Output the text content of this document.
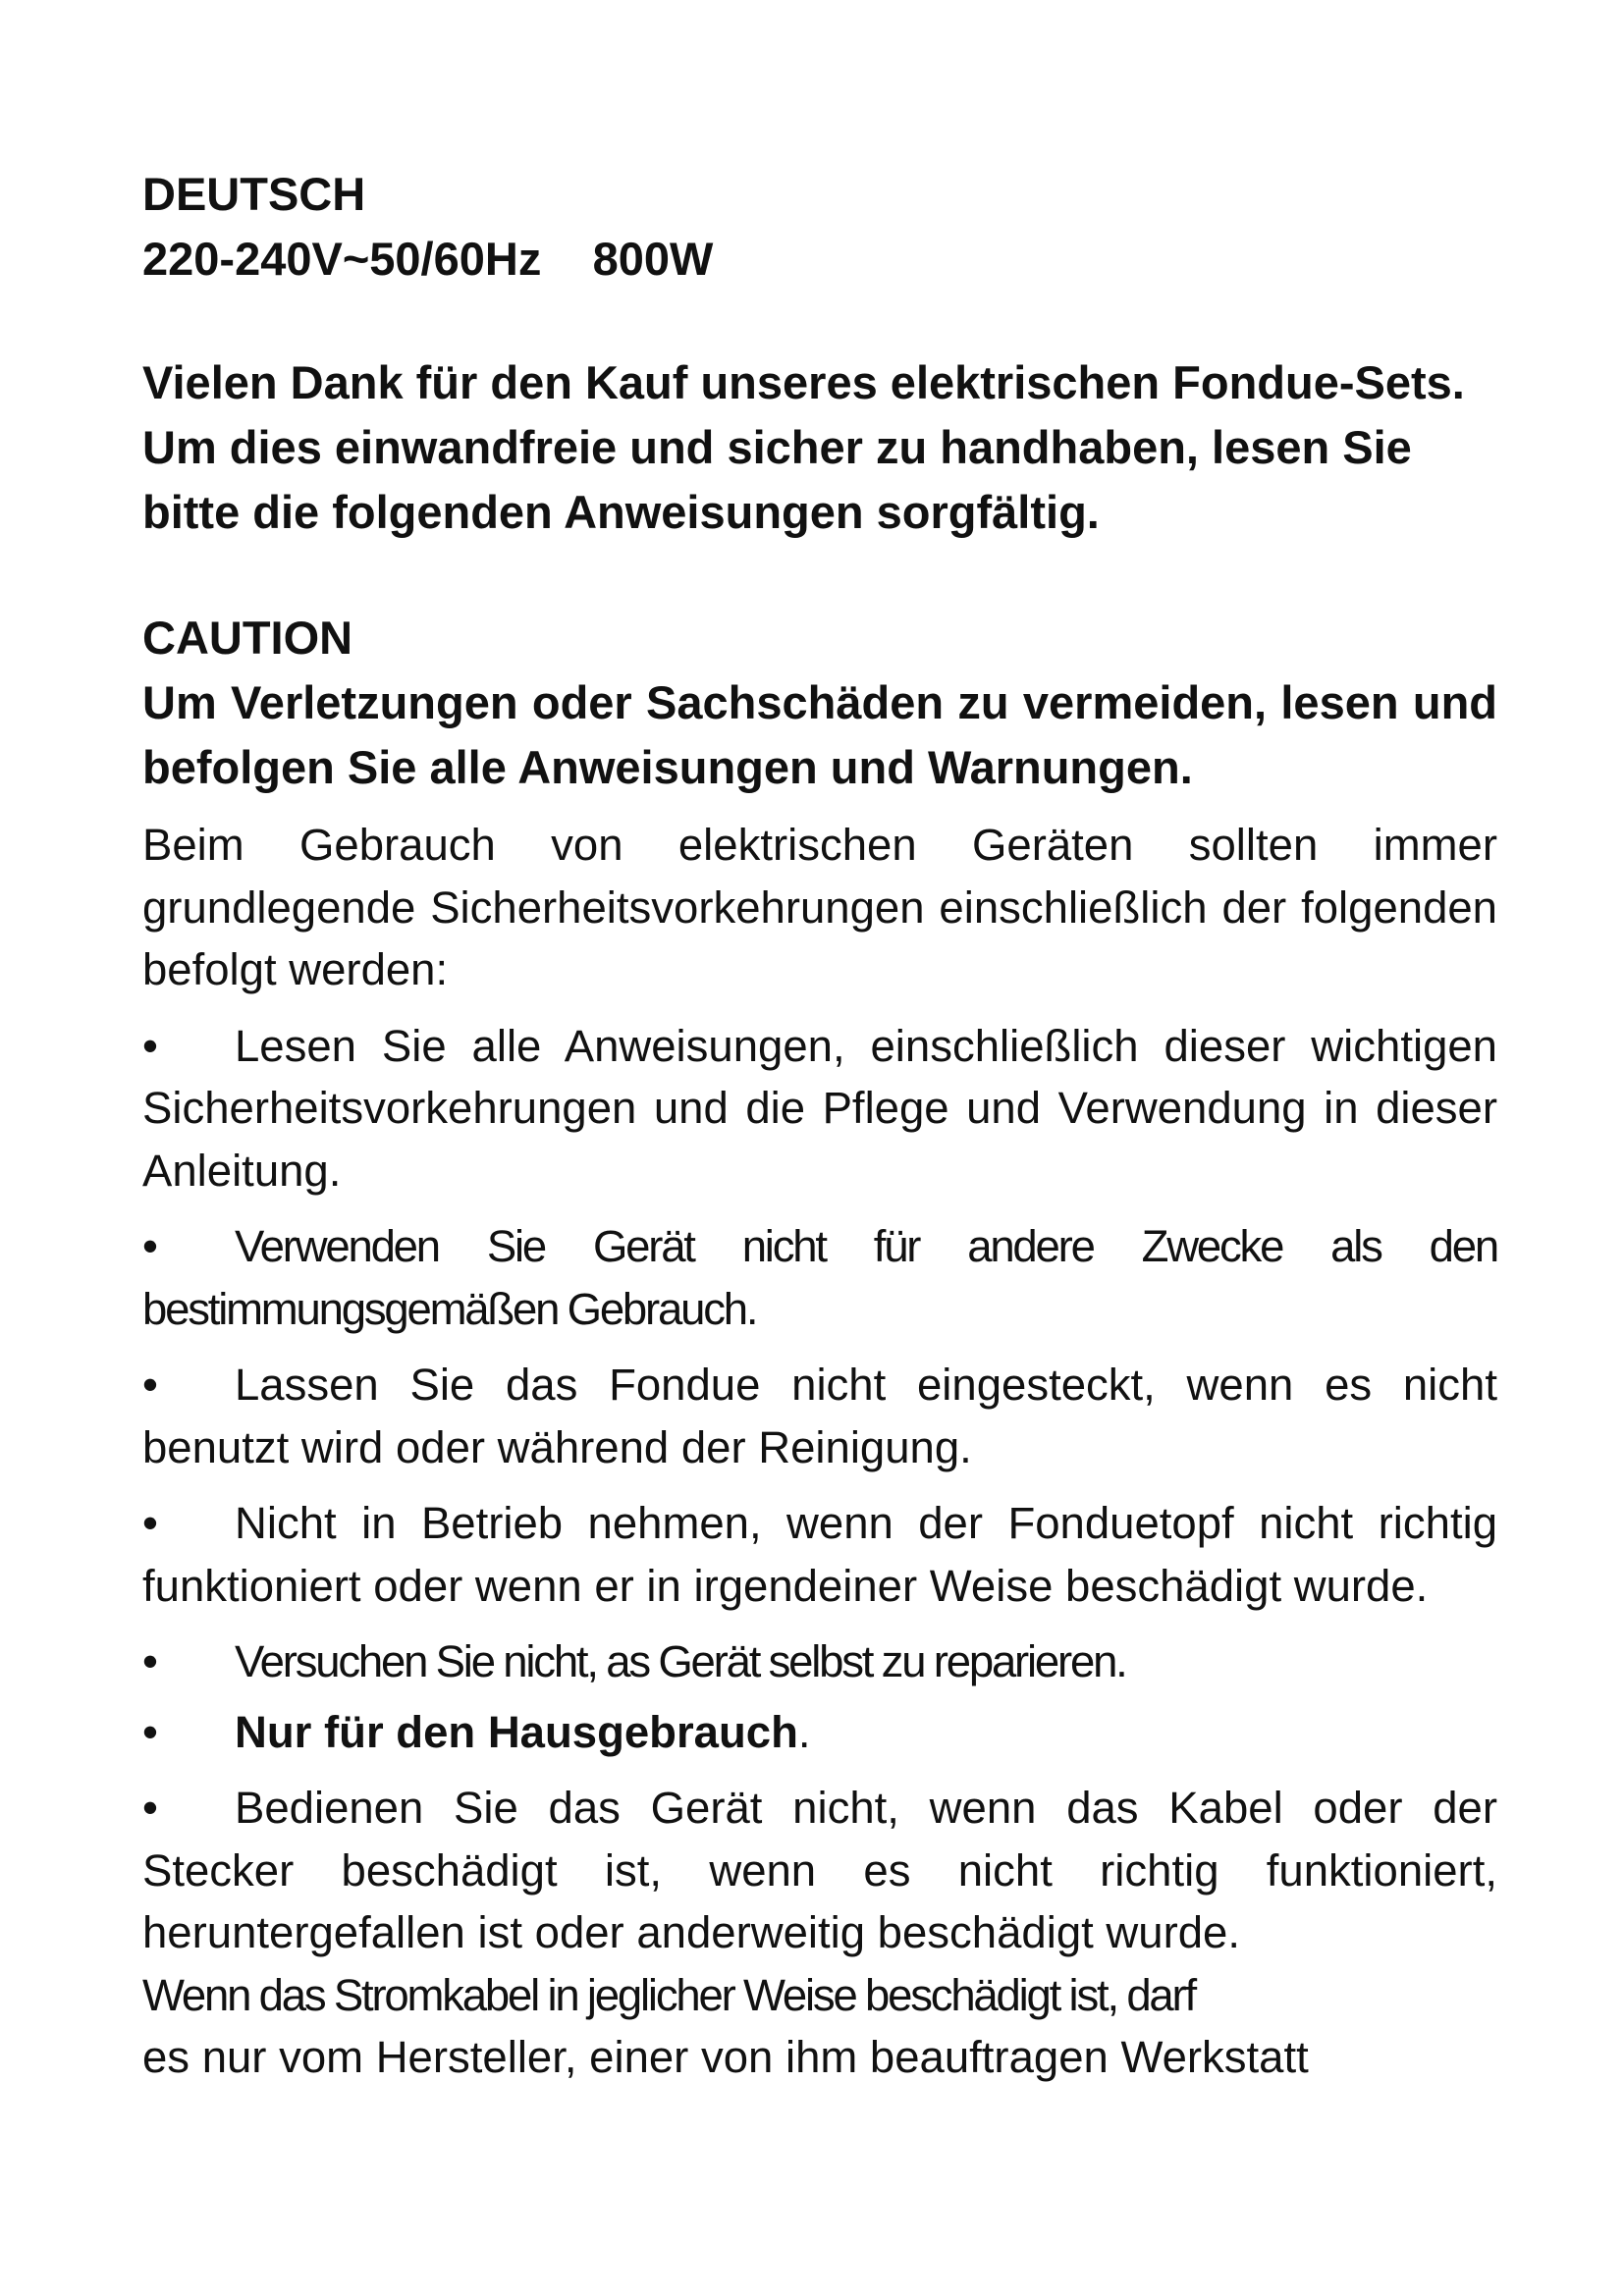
DEUTSCH

220-240V~50/60Hz    800W

Vielen Dank für den Kauf unseres elektrischen Fondue-Sets. Um dies einwandfreie und sicher zu handhaben, lesen Sie bitte die folgenden Anweisungen sorgfältig.

CAUTION

Um Verletzungen oder Sachschäden zu vermeiden, lesen und befolgen Sie alle Anweisungen und Warnungen.

Beim Gebrauch von elektrischen Geräten sollten immer grundlegende Sicherheitsvorkehrungen einschließlich der folgenden befolgt werden:

• Lesen Sie alle Anweisungen, einschließlich dieser wichtigen Sicherheitsvorkehrungen und die Pflege und Verwendung in dieser Anleitung.

• Verwenden Sie Gerät nicht für andere Zwecke als den bestimmungsgemäßen Gebrauch.

• Lassen Sie das Fondue nicht eingesteckt, wenn es nicht benutzt wird oder während der Reinigung.

• Nicht in Betrieb nehmen, wenn der Fonduetopf nicht richtig funktioniert oder wenn er in irgendeiner Weise beschädigt wurde.

• Versuchen Sie nicht, as Gerät selbst zu reparieren.

• Nur für den Hausgebrauch.

• Bedienen Sie das Gerät nicht, wenn das Kabel oder der Stecker beschädigt ist, wenn es nicht richtig funktioniert, heruntergefallen ist oder anderweitig beschädigt wurde.

Wenn das Stromkabel in jeglicher Weise beschädigt ist, darf
es nur vom Hersteller, einer von ihm beauftragen Werkstatt
